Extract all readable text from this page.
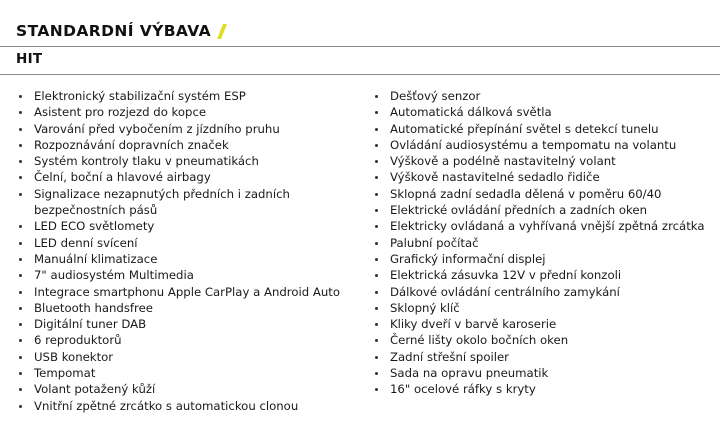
STANDARDNÍ VÝBAVA
HIT
Elektronický stabilizační systém ESP
Asistent pro rozjezd do kopce
Varování před vybočením z jízdního pruhu
Rozpoznávání dopravních značek
Systém kontroly tlaku v pneumatikách
Čelní, boční a hlavové airbagy
Signalizace nezapnutých předních i zadních bezpečnostních pásů
LED ECO světlomety
LED denní svícení
Manuální klimatizace
7" audiosystém Multimedia
Integrace smartphonu Apple CarPlay a Android Auto
Bluetooth handsfree
Digitální tuner DAB
6 reproduktorů
USB konektor
Tempomat
Volant potažený kůží
Vnitřní zpětné zrcátko s automatickou clonou
Dešťový senzor
Automatická dálková světla
Automatické přepínání světel s detekcí tunelu
Ovládání audiosystému a tempomatu na volantu
Výškově a podélně nastavitelný volant
Výškově nastavitelné sedadlo řidiče
Sklopná zadní sedadla dělená v poměru 60/40
Elektrické ovládání předních a zadních oken
Elektricky ovládaná a vyhřívaná vnější zpětná zrcátka
Palubní počítač
Grafický informační displej
Elektrická zásuvka 12V v přední konzoli
Dálkové ovládání centrálního zamykání
Sklopný klíč
Kliky dveří v barvě karoserie
Černé lišty okolo bočních oken
Zadní střešní spoiler
Sada na opravu pneumatik
16" ocelové ráfky s kryty
